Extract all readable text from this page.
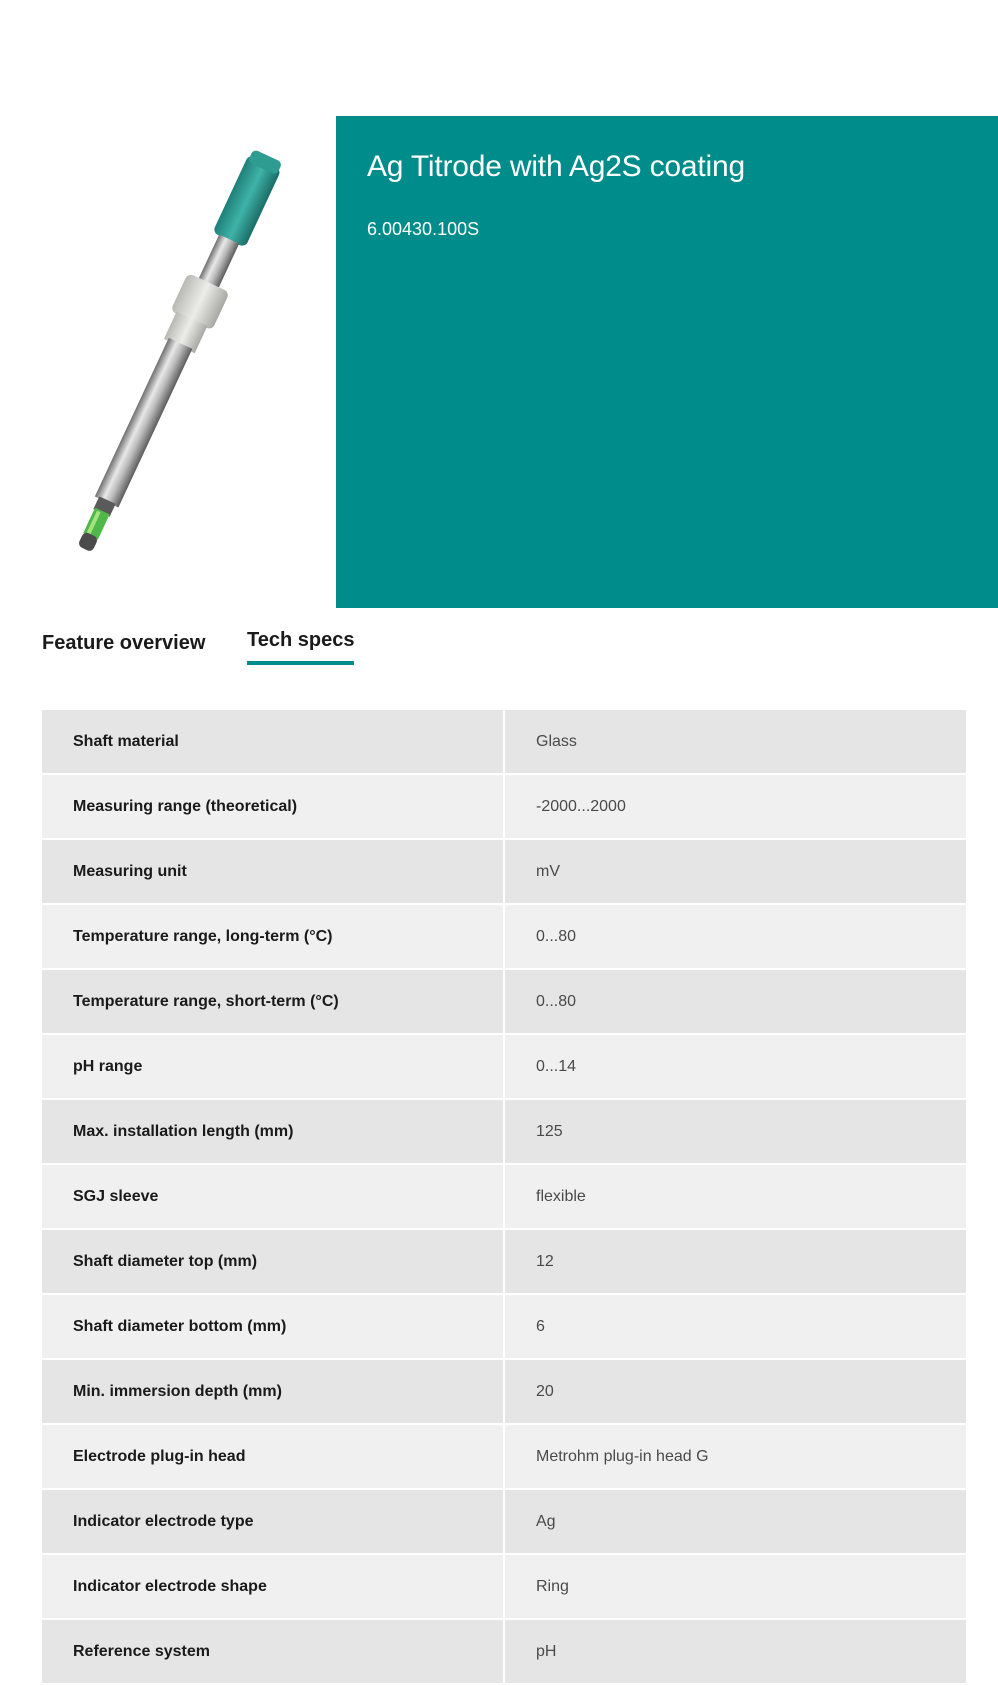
Ag Titrode with Ag2S coating
6.00430.100S
Feature overview Tech specs
Shaft material	Glass
Measuring range (theoretical)	-2000...2000
Measuring unit	mV
Temperature range, long-term (°C)	0...80
Temperature range, short-term (°C)	0...80
pH range	0...14
Max. installation length (mm)	125
SGJ sleeve	flexible
Shaft diameter top (mm)	12
Shaft diameter bottom (mm)	6
Min. immersion depth (mm)	20
Electrode plug-in head	Metrohm plug-in head G
Indicator electrode type	Ag
Indicator electrode shape	Ring
Reference system	pH
